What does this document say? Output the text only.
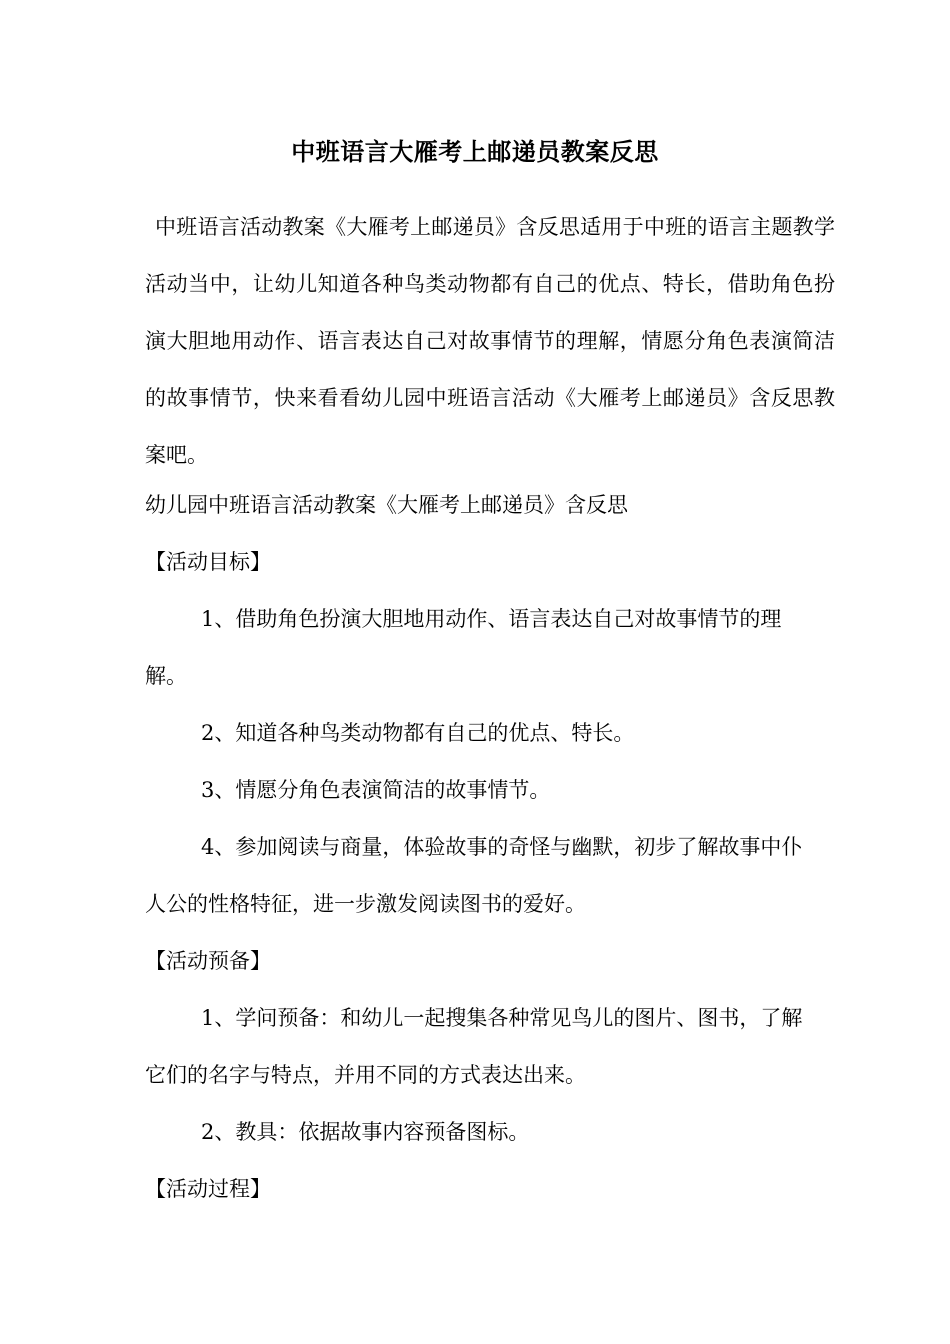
中班语言大雁考上邮递员教案反思

中班语言活动教案《大雁考上邮递员》含反思适用于中班的语言主题教学活动当中，让幼儿知道各种鸟类动物都有自己的优点、特长，借助角色扮演大胆地用动作、语言表达自己对故事情节的理解，情愿分角色表演简洁的故事情节，快来看看幼儿园中班语言活动《大雁考上邮递员》含反思教案吧。

幼儿园中班语言活动教案《大雁考上邮递员》含反思

【活动目标】

1、借助角色扮演大胆地用动作、语言表达自己对故事情节的理解。

2、知道各种鸟类动物都有自己的优点、特长。

3、情愿分角色表演简洁的故事情节。

4、参加阅读与商量，体验故事的奇怪与幽默，初步了解故事中仆人公的性格特征，进一步激发阅读图书的爱好。

【活动预备】

1、学问预备：和幼儿一起搜集各种常见鸟儿的图片、图书，了解它们的名字与特点，并用不同的方式表达出来。

2、教具：依据故事内容预备图标。

【活动过程】
